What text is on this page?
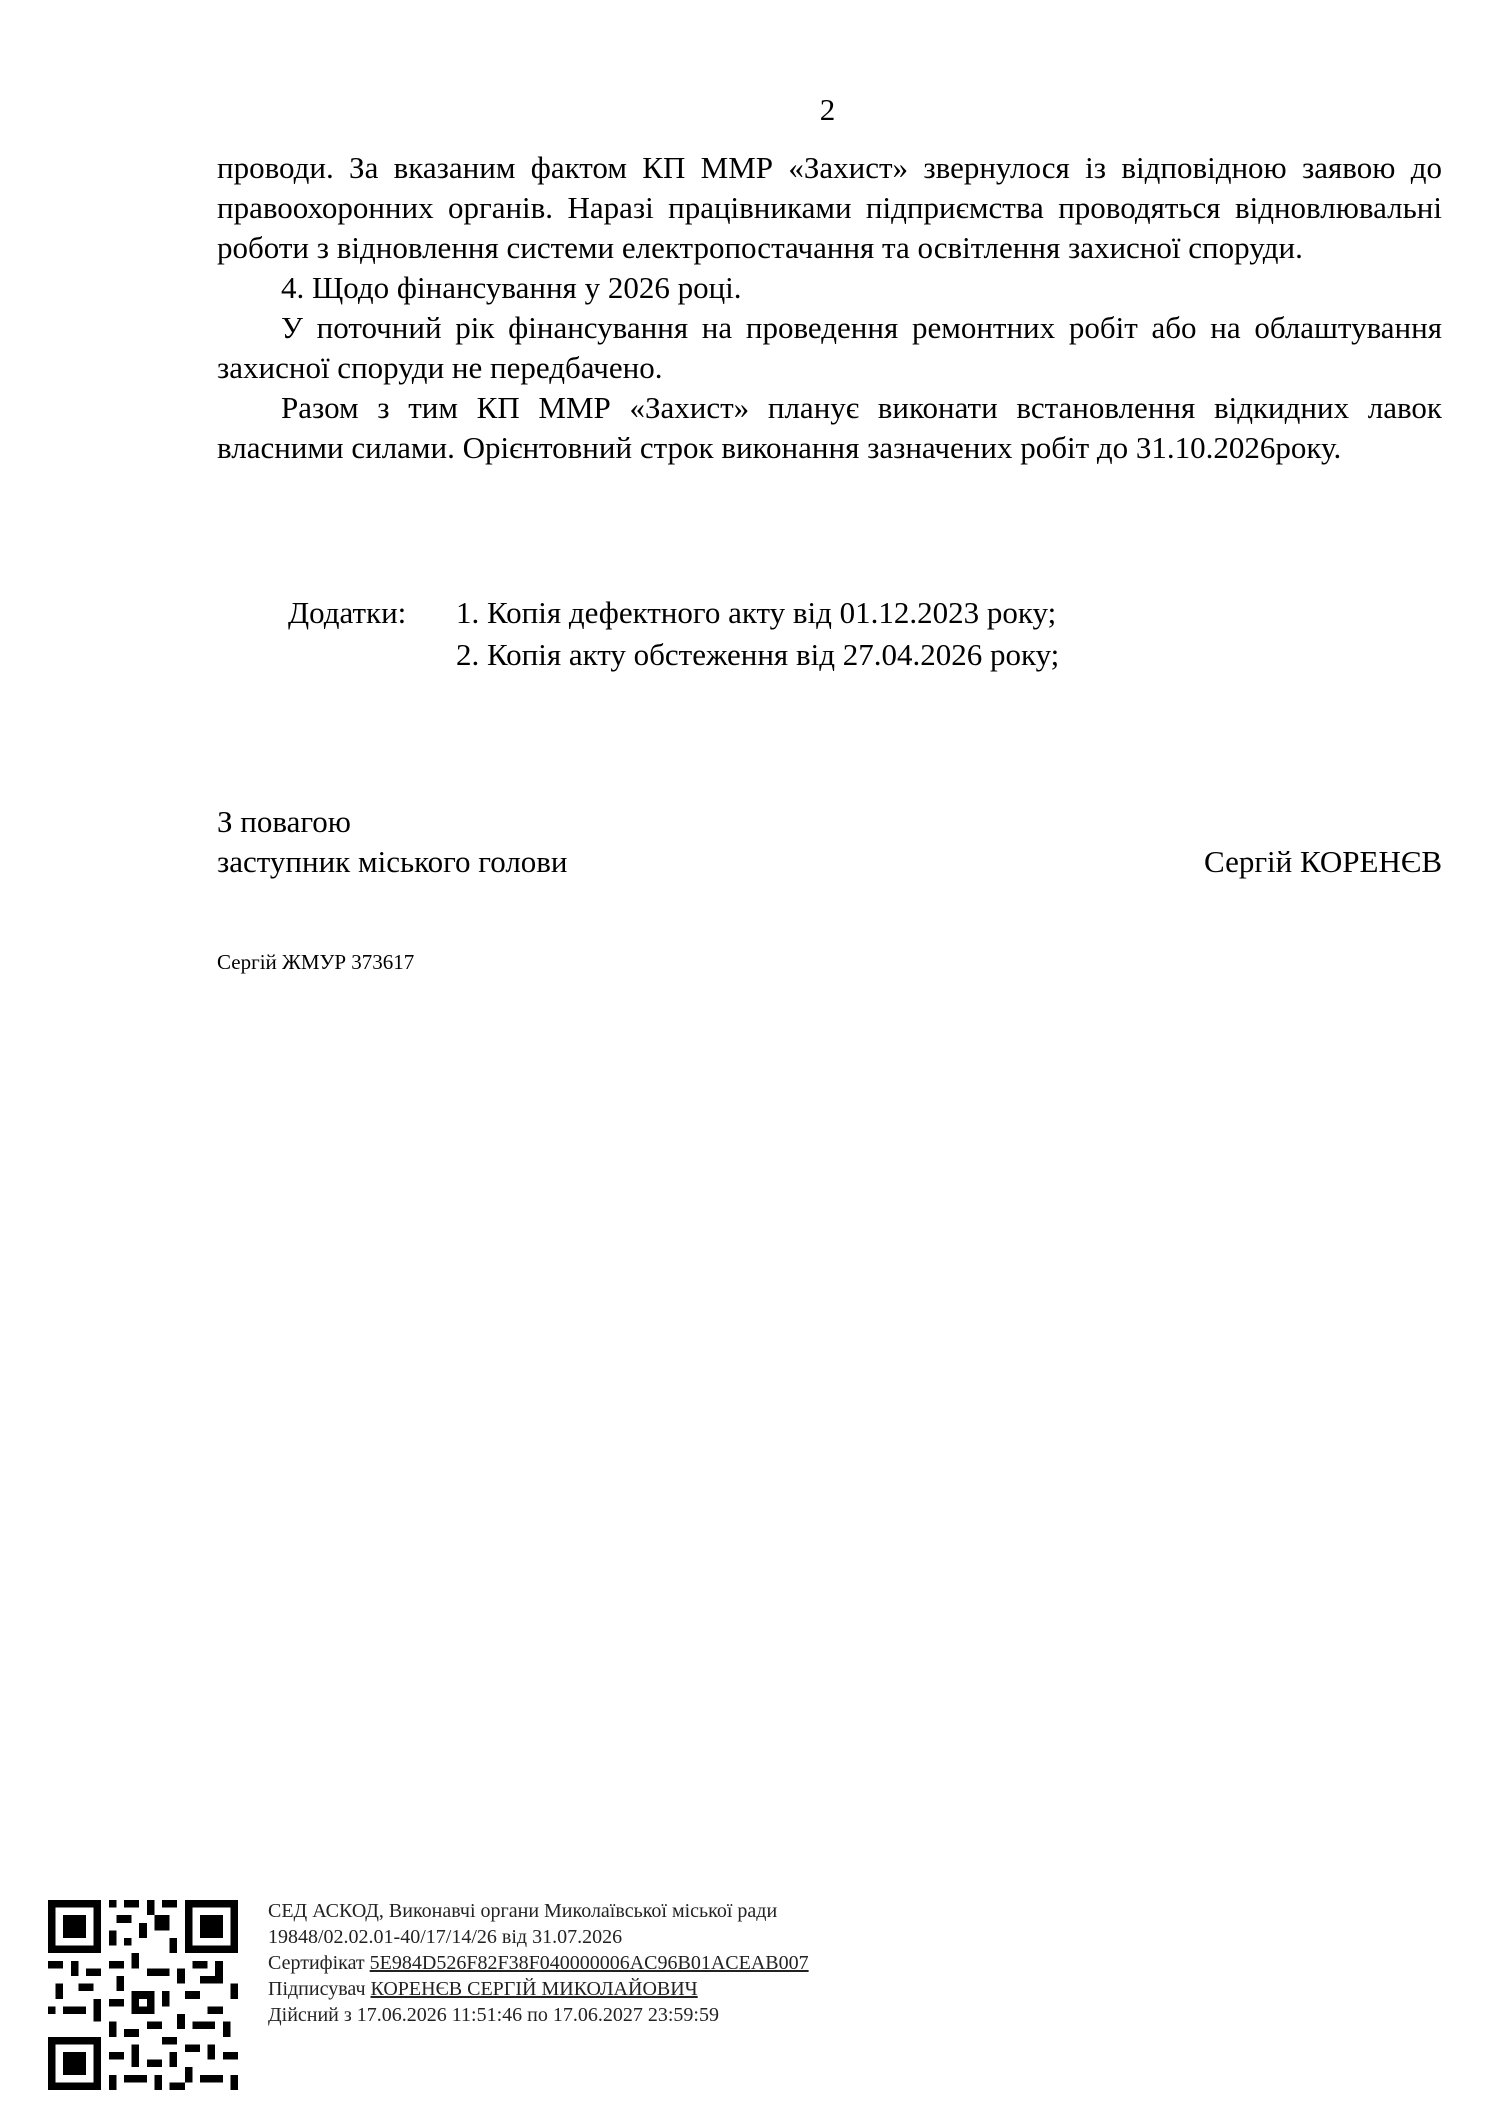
2

проводи. За вказаним фактом КП ММР «Захист» звернулося із відповідною заявою до правоохоронних органів. Наразі працівниками підприємства проводяться відновлювальні роботи з відновлення системи електропостачання та освітлення захисної споруди.

4. Щодо фінансування у 2026 році.

У поточний рік фінансування на проведення ремонтних робіт або на облаштування захисної споруди не передбачено.

Разом з тим КП ММР «Захист» планує виконати встановлення відкидних лавок власними силами. Орієнтовний строк виконання зазначених робіт до 31.10.2026року.

Додатки:	1. Копія дефектного акту від 01.12.2023 року;
2. Копія акту обстеження від 27.04.2026 року;
З повагою
заступник міського голови	Сергій КОРЕНЄВ
Сергій ЖМУР 373617
СЕД АСКОД, Виконавчі органи Миколаївської міської ради
19848/02.02.01-40/17/14/26 від 31.07.2026
Сертифікат 5E984D526F82F38F040000006AC96B01ACEAB007
Підписувач КОРЕНЄВ СЕРГІЙ МИКОЛАЙОВИЧ
Дійсний з 17.06.2026 11:51:46 по 17.06.2027 23:59:59
